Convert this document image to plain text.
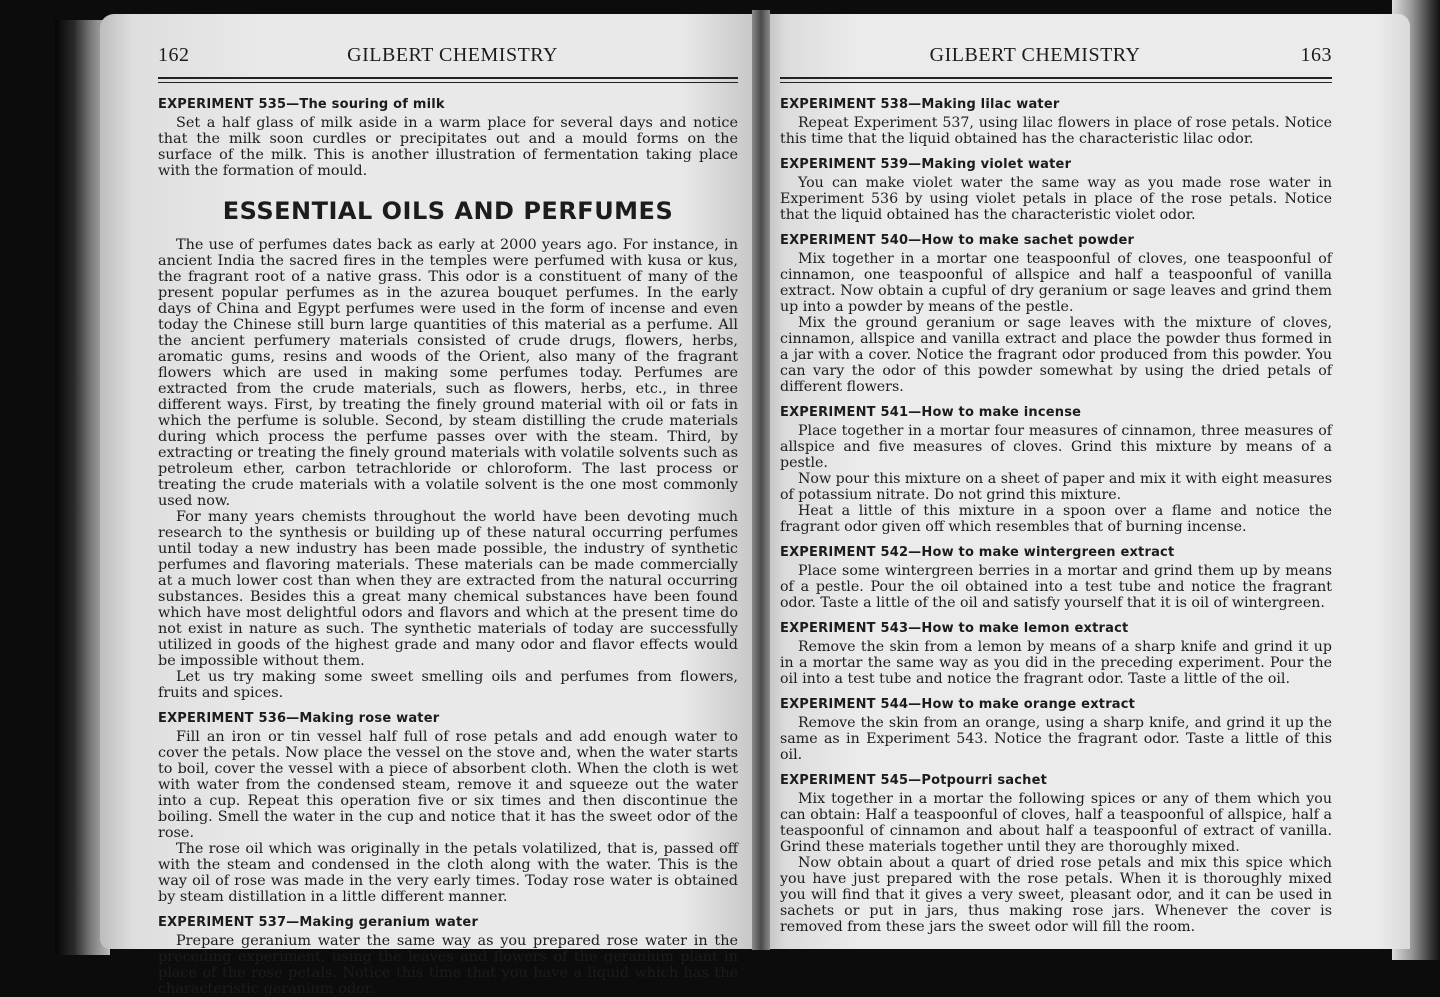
162	GILBERT CHEMISTRY
EXPERIMENT 535—The souring of milk

Set a half glass of milk aside in a warm place for several days and notice that the milk soon curdles or precipitates out and a mould forms on the surface of the milk. This is another illustration of fermentation taking place with the formation of mould.

ESSENTIAL OILS AND PERFUMES

The use of perfumes dates back as early at 2000 years ago. For instance, in ancient India the sacred fires in the temples were perfumed with kusa or kus, the fragrant root of a native grass. This odor is a constituent of many of the present popular perfumes as in the azurea bouquet perfumes. In the early days of China and Egypt perfumes were used in the form of incense and even today the Chinese still burn large quantities of this material as a perfume. All the ancient perfumery materials consisted of crude drugs, flowers, herbs, aromatic gums, resins and woods of the Orient, also many of the fragrant flowers which are used in making some perfumes today. Perfumes are extracted from the crude materials, such as flowers, herbs, etc., in three different ways. First, by treating the finely ground material with oil or fats in which the perfume is soluble. Second, by steam distilling the crude materials during which process the perfume passes over with the steam. Third, by extracting or treating the finely ground materials with volatile solvents such as petroleum ether, carbon tetrachloride or chloroform. The last process or treating the crude materials with a volatile solvent is the one most commonly used now.

For many years chemists throughout the world have been devoting much research to the synthesis or building up of these natural occurring perfumes until today a new industry has been made possible, the industry of synthetic perfumes and flavoring materials. These materials can be made commercially at a much lower cost than when they are extracted from the natural occurring substances. Besides this a great many chemical substances have been found which have most delightful odors and flavors and which at the present time do not exist in nature as such. The synthetic materials of today are successfully utilized in goods of the highest grade and many odor and flavor effects would be impossible without them.

Let us try making some sweet smelling oils and perfumes from flowers, fruits and spices.

EXPERIMENT 536—Making rose water

Fill an iron or tin vessel half full of rose petals and add enough water to cover the petals. Now place the vessel on the stove and, when the water starts to boil, cover the vessel with a piece of absorbent cloth. When the cloth is wet with water from the condensed steam, remove it and squeeze out the water into a cup. Repeat this operation five or six times and then discontinue the boiling. Smell the water in the cup and notice that it has the sweet odor of the rose.

The rose oil which was originally in the petals volatilized, that is, passed off with the steam and condensed in the cloth along with the water. This is the way oil of rose was made in the very early times. Today rose water is obtained by steam distillation in a little different manner.

EXPERIMENT 537—Making geranium water

Prepare geranium water the same way as you prepared rose water in the preceding experiment, using the leaves and flowers of the geranium plant in place of the rose petals. Notice this time that you have a liquid which has the characteristic geranium odor.

GILBERT CHEMISTRY	163
EXPERIMENT 538—Making lilac water

Repeat Experiment 537, using lilac flowers in place of rose petals. Notice this time that the liquid obtained has the characteristic lilac odor.

EXPERIMENT 539—Making violet water

You can make violet water the same way as you made rose water in Experiment 536 by using violet petals in place of the rose petals. Notice that the liquid obtained has the characteristic violet odor.

EXPERIMENT 540—How to make sachet powder

Mix together in a mortar one teaspoonful of cloves, one teaspoonful of cinnamon, one teaspoonful of allspice and half a teaspoonful of vanilla extract. Now obtain a cupful of dry geranium or sage leaves and grind them up into a powder by means of the pestle.

Mix the ground geranium or sage leaves with the mixture of cloves, cinnamon, allspice and vanilla extract and place the powder thus formed in a jar with a cover. Notice the fragrant odor produced from this powder. You can vary the odor of this powder somewhat by using the dried petals of different flowers.

EXPERIMENT 541—How to make incense

Place together in a mortar four measures of cinnamon, three measures of allspice and five measures of cloves. Grind this mixture by means of a pestle.

Now pour this mixture on a sheet of paper and mix it with eight measures of potassium nitrate. Do not grind this mixture.

Heat a little of this mixture in a spoon over a flame and notice the fragrant odor given off which resembles that of burning incense.

EXPERIMENT 542—How to make wintergreen extract

Place some wintergreen berries in a mortar and grind them up by means of a pestle. Pour the oil obtained into a test tube and notice the fragrant odor. Taste a little of the oil and satisfy yourself that it is oil of wintergreen.

EXPERIMENT 543—How to make lemon extract

Remove the skin from a lemon by means of a sharp knife and grind it up in a mortar the same way as you did in the preceding experiment. Pour the oil into a test tube and notice the fragrant odor. Taste a little of the oil.

EXPERIMENT 544—How to make orange extract

Remove the skin from an orange, using a sharp knife, and grind it up the same as in Experiment 543. Notice the fragrant odor. Taste a little of this oil.

EXPERIMENT 545—Potpourri sachet

Mix together in a mortar the following spices or any of them which you can obtain: Half a teaspoonful of cloves, half a teaspoonful of allspice, half a teaspoonful of cinnamon and about half a teaspoonful of extract of vanilla. Grind these materials together until they are thoroughly mixed.

Now obtain about a quart of dried rose petals and mix this spice which you have just prepared with the rose petals. When it is thoroughly mixed you will find that it gives a very sweet, pleasant odor, and it can be used in sachets or put in jars, thus making rose jars. Whenever the cover is removed from these jars the sweet odor will fill the room.
